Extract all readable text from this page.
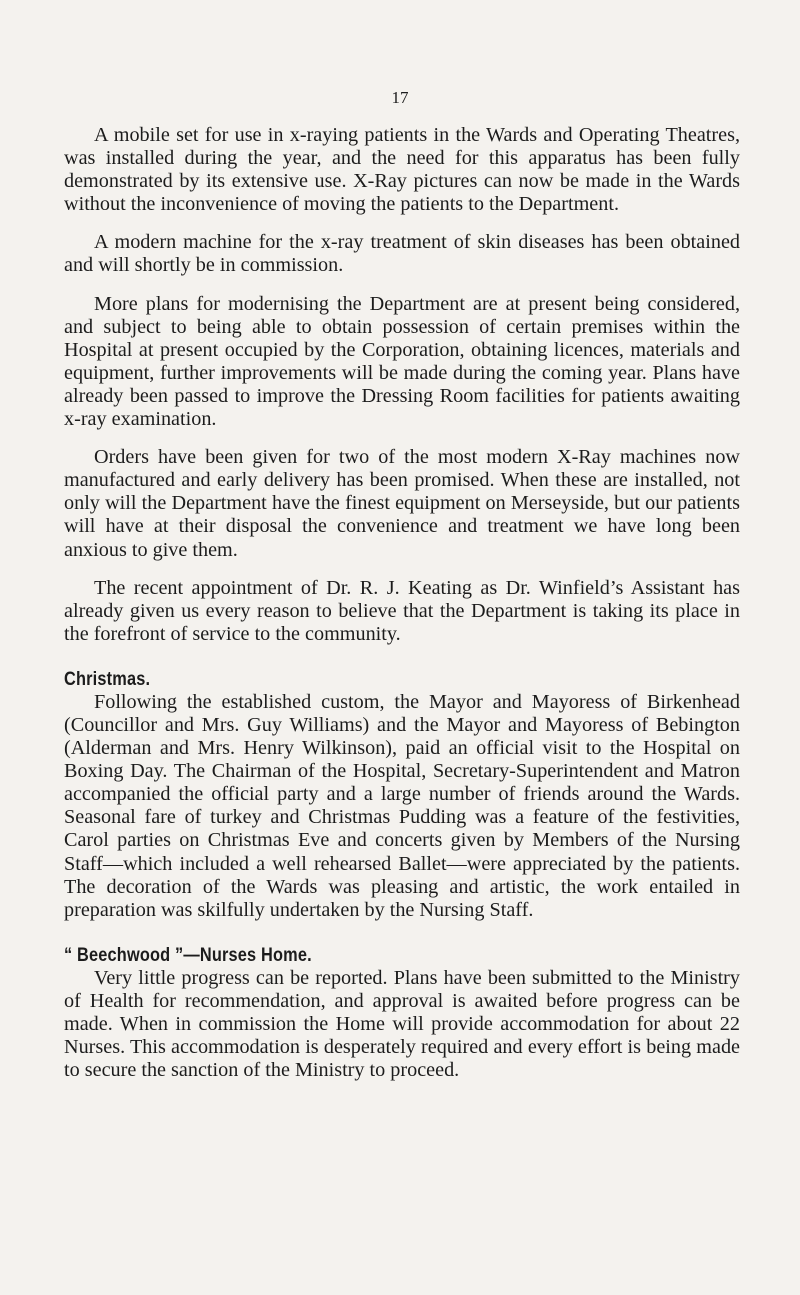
17

A mobile set for use in x-raying patients in the Wards and Operating Theatres, was installed during the year, and the need for this apparatus has been fully demonstrated by its extensive use. X-Ray pictures can now be made in the Wards without the inconvenience of moving the patients to the Department.

A modern machine for the x-ray treatment of skin diseases has been obtained and will shortly be in commission.

More plans for modernising the Department are at present being considered, and subject to being able to obtain possession of certain premises within the Hospital at present occupied by the Corporation, obtaining licences, materials and equipment, further improvements will be made during the coming year. Plans have already been passed to improve the Dressing Room facilities for patients awaiting x-ray examination.

Orders have been given for two of the most modern X-Ray machines now manufactured and early delivery has been promised. When these are installed, not only will the Department have the finest equipment on Merseyside, but our patients will have at their disposal the convenience and treatment we have long been anxious to give them.

The recent appointment of Dr. R. J. Keating as Dr. Winfield’s Assistant has already given us every reason to believe that the Department is taking its place in the forefront of service to the community.

Christmas.

Following the established custom, the Mayor and Mayoress of Birkenhead (Councillor and Mrs. Guy Williams) and the Mayor and Mayoress of Bebington (Alderman and Mrs. Henry Wilkinson), paid an official visit to the Hospital on Boxing Day. The Chairman of the Hospital, Secretary-Superintendent and Matron accompanied the official party and a large number of friends around the Wards. Seasonal fare of turkey and Christmas Pudding was a feature of the festivities, Carol parties on Christmas Eve and concerts given by Members of the Nursing Staff—which included a well rehearsed Ballet—were appreciated by the patients. The decoration of the Wards was pleasing and artistic, the work entailed in preparation was skilfully undertaken by the Nursing Staff.

“ Beechwood ”—Nurses Home.

Very little progress can be reported. Plans have been submitted to the Ministry of Health for recommendation, and approval is awaited before progress can be made. When in commission the Home will provide accommodation for about 22 Nurses. This accommodation is desperately required and every effort is being made to secure the sanction of the Ministry to proceed.
